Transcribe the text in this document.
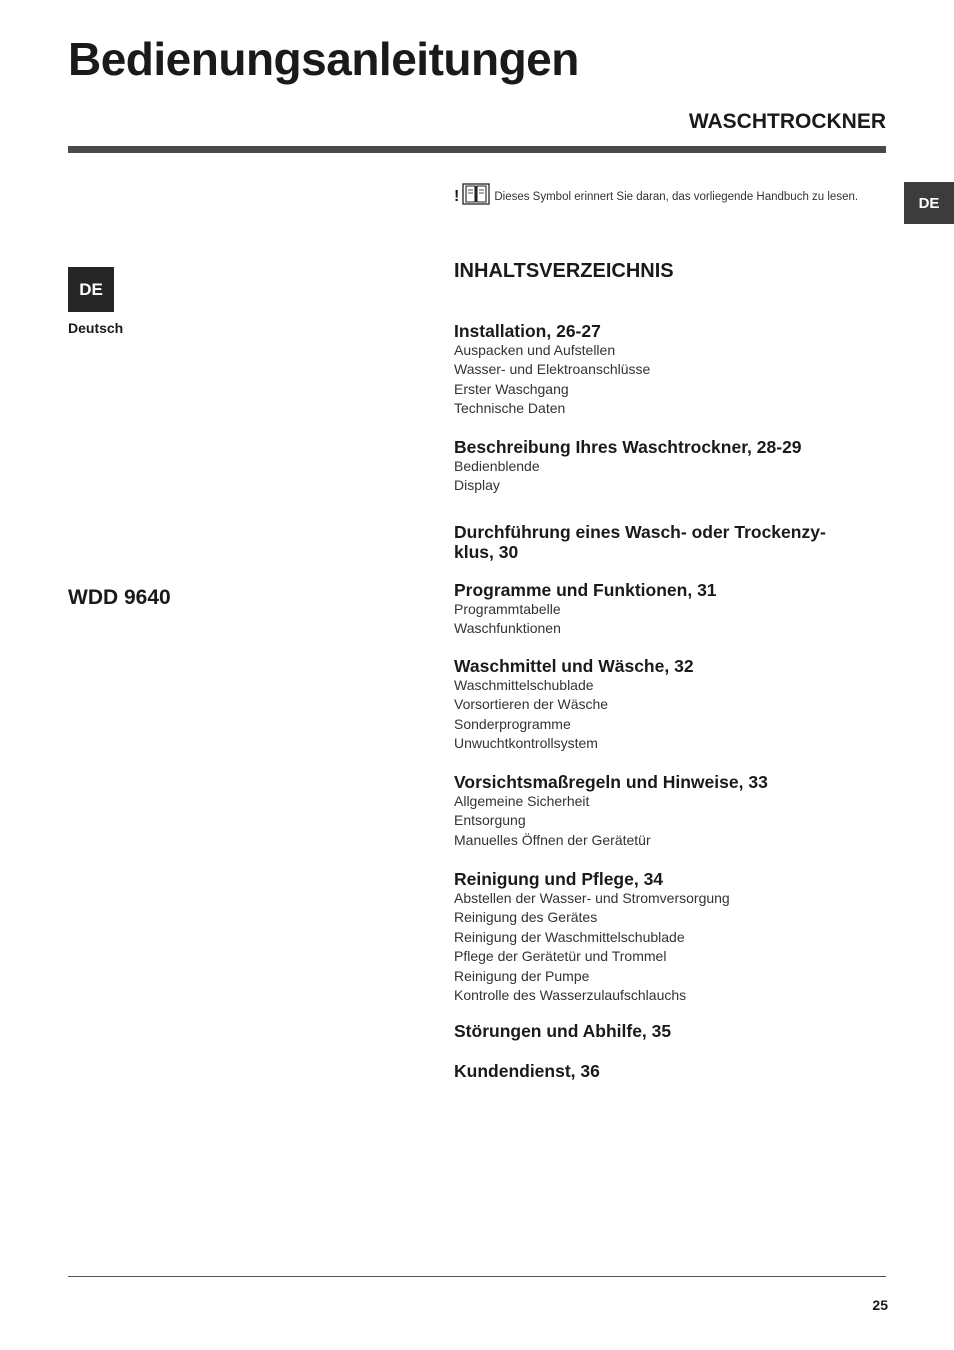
Bedienungsanleitungen
WASCHTROCKNER
DE
!	Dieses Symbol erinnert Sie daran, das vorliegende Handbuch zu lesen.
DE
Deutsch
WDD 9640
INHALTSVERZEICHNIS
Installation, 26-27
Auspacken und Aufstellen
Wasser- und Elektroanschlüsse
Erster Waschgang
Technische Daten
Beschreibung Ihres Waschtrockner, 28-29
Bedienblende
Display
Durchführung eines Wasch- oder Trockenzy-
klus, 30
Programme und Funktionen, 31
Programmtabelle
Waschfunktionen
Waschmittel und Wäsche, 32
Waschmittelschublade
Vorsortieren der Wäsche
Sonderprogramme
Unwuchtkontrollsystem
Vorsichtsmaßregeln und Hinweise, 33
Allgemeine Sicherheit
Entsorgung
Manuelles Öffnen der Gerätetür
Reinigung und Pflege, 34
Abstellen der Wasser- und Stromversorgung
Reinigung des Gerätes
Reinigung der Waschmittelschublade
Pflege der Gerätetür und Trommel
Reinigung der Pumpe
Kontrolle des Wasserzulaufschlauchs
Störungen und Abhilfe, 35
Kundendienst, 36
25
